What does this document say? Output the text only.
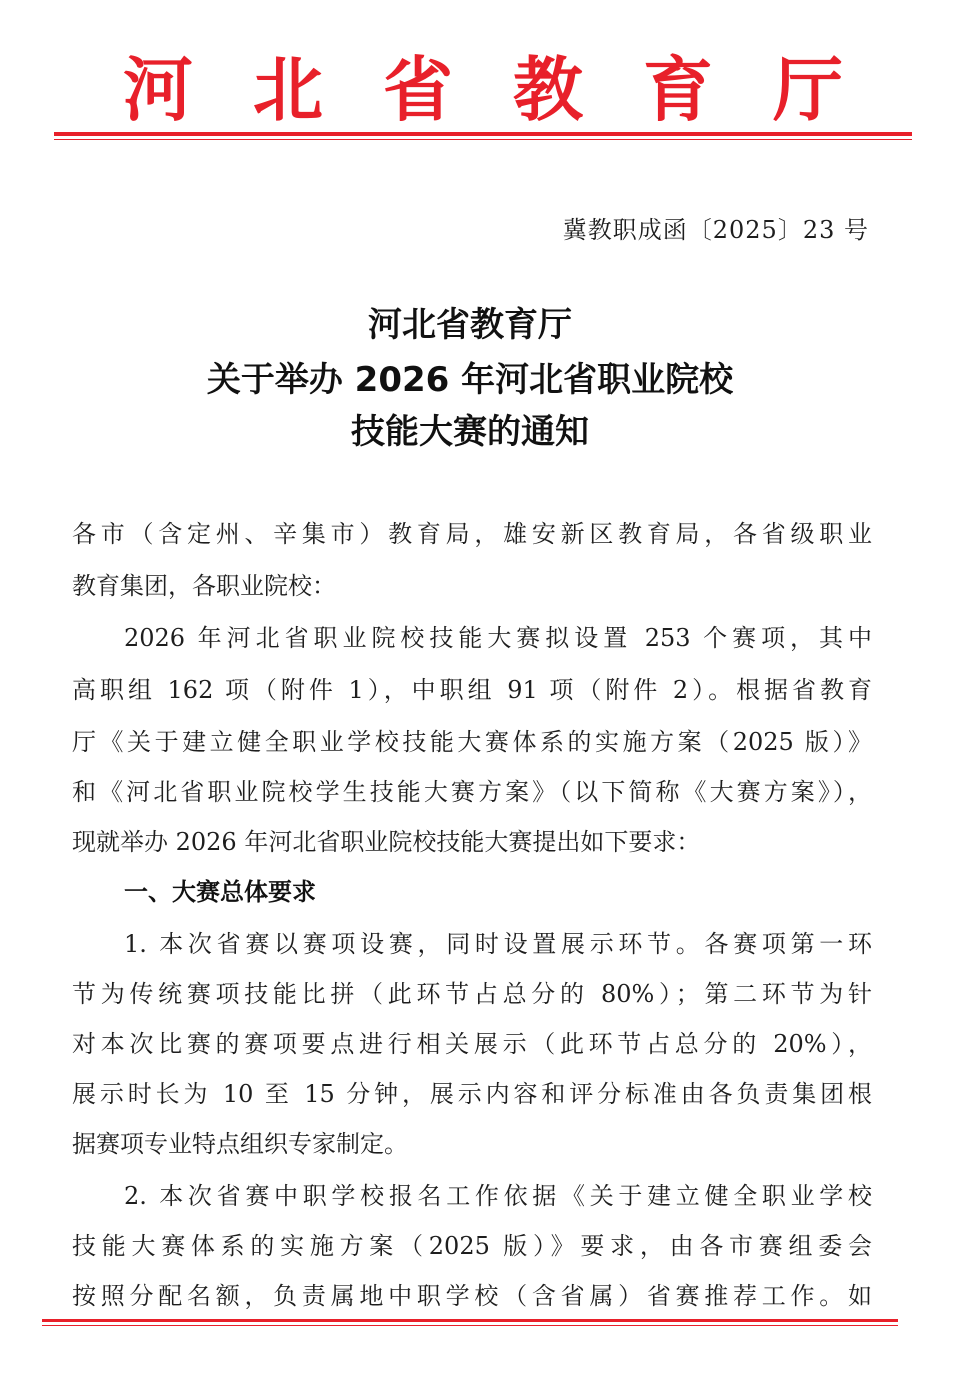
河 北 省 教 育 厅
冀教职成函〔2025〕23 号
河北省教育厅
关于举办 2026 年河北省职业院校
技能大赛的通知
各市（含定州、辛集市）教育局，雄安新区教育局，各省级职业
教育集团，各职业院校：
2026 年河北省职业院校技能大赛拟设置 253 个赛项，其中
高职组 162 项（附件 1），中职组 91 项（附件 2）。根据省教育
厅《关于建立健全职业学校技能大赛体系的实施方案（2025 版）》
和《河北省职业院校学生技能大赛方案》（以下简称《大赛方案》），
现就举办 2026 年河北省职业院校技能大赛提出如下要求：
一、大赛总体要求
1. 本次省赛以赛项设赛，同时设置展示环节。各赛项第一环
节为传统赛项技能比拼（此环节占总分的 80%）；第二环节为针
对本次比赛的赛项要点进行相关展示（此环节占总分的 20%），
展示时长为 10 至 15 分钟，展示内容和评分标准由各负责集团根
据赛项专业特点组织专家制定。
2. 本次省赛中职学校报名工作依据《关于建立健全职业学校
技能大赛体系的实施方案（2025 版）》要求，由各市赛组委会
按照分配名额，负责属地中职学校（含省属）省赛推荐工作。如
